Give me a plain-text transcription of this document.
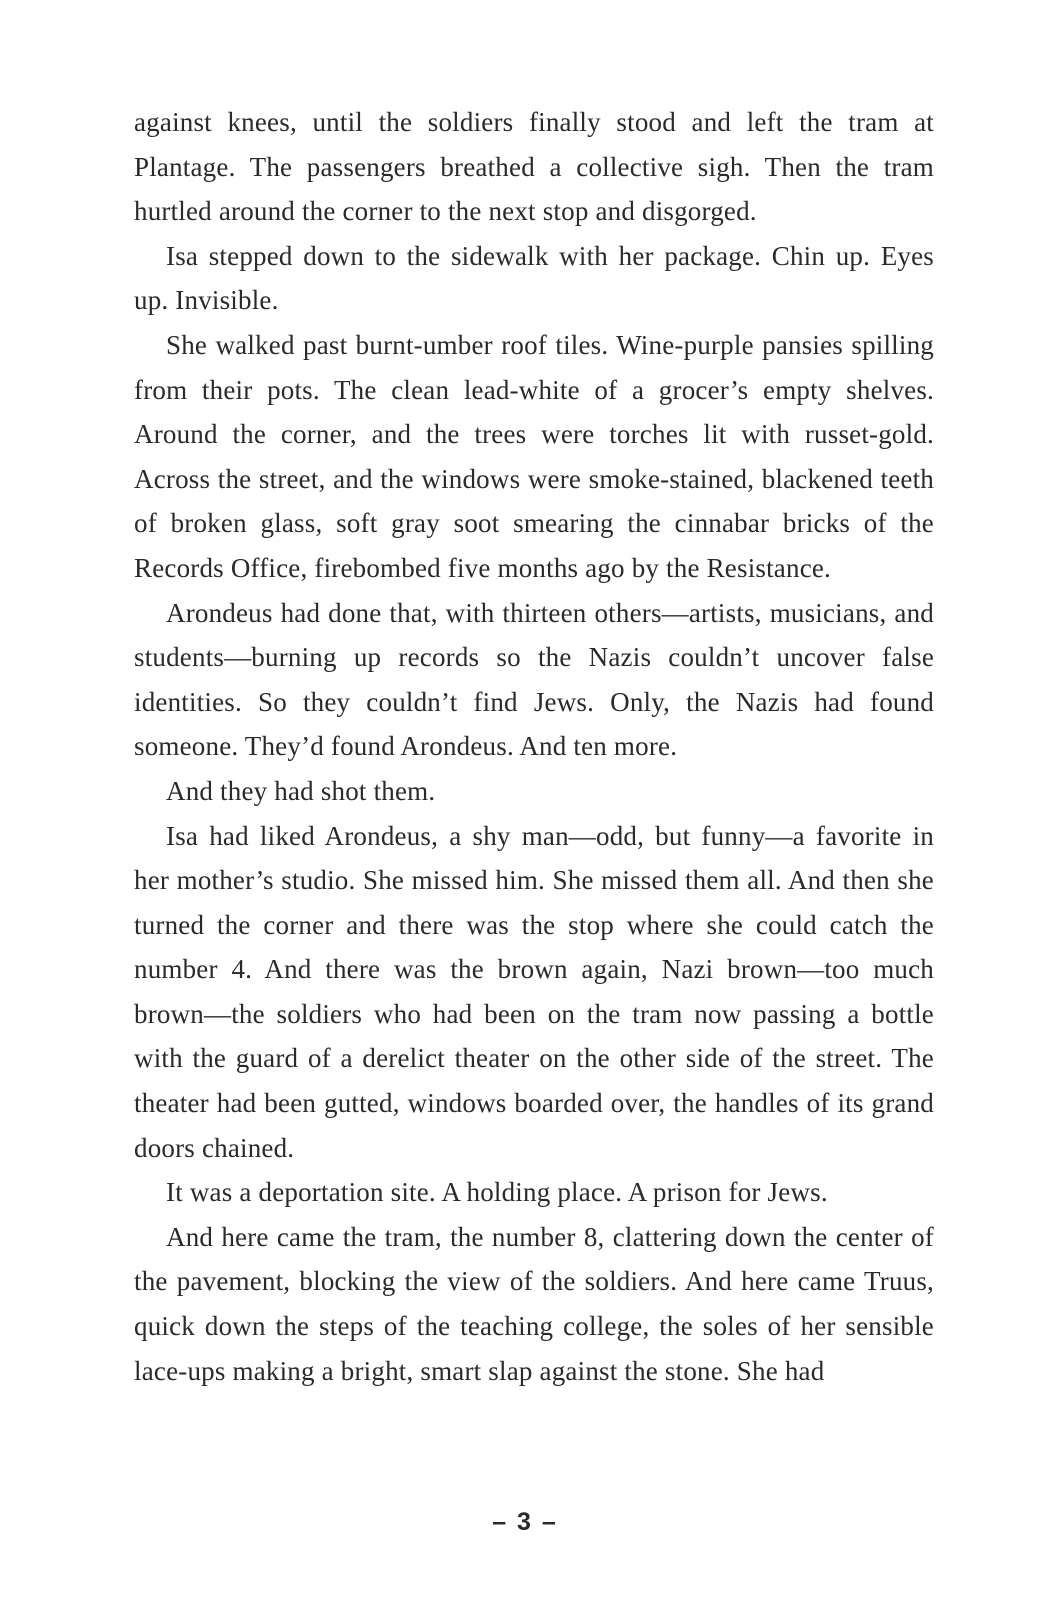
against knees, until the soldiers finally stood and left the tram at Plantage. The passengers breathed a collective sigh. Then the tram hurtled around the corner to the next stop and disgorged.

Isa stepped down to the sidewalk with her package. Chin up. Eyes up. Invisible.

She walked past burnt-umber roof tiles. Wine-purple pansies spilling from their pots. The clean lead-white of a grocer’s empty shelves. Around the corner, and the trees were torches lit with russet-gold. Across the street, and the windows were smoke-stained, blackened teeth of broken glass, soft gray soot smearing the cinnabar bricks of the Records Office, firebombed five months ago by the Resistance.

Arondeus had done that, with thirteen others—artists, musicians, and students—burning up records so the Nazis couldn’t uncover false identities. So they couldn’t find Jews. Only, the Nazis had found someone. They’d found Arondeus. And ten more.

And they had shot them.

Isa had liked Arondeus, a shy man—odd, but funny—a favorite in her mother’s studio. She missed him. She missed them all. And then she turned the corner and there was the stop where she could catch the number 4. And there was the brown again, Nazi brown—too much brown—the soldiers who had been on the tram now passing a bottle with the guard of a derelict theater on the other side of the street. The theater had been gutted, windows boarded over, the handles of its grand doors chained.

It was a deportation site. A holding place. A prison for Jews.

And here came the tram, the number 8, clattering down the center of the pavement, blocking the view of the soldiers. And here came Truus, quick down the steps of the teaching college, the soles of her sensible lace-ups making a bright, smart slap against the stone. She had

– 3 –
